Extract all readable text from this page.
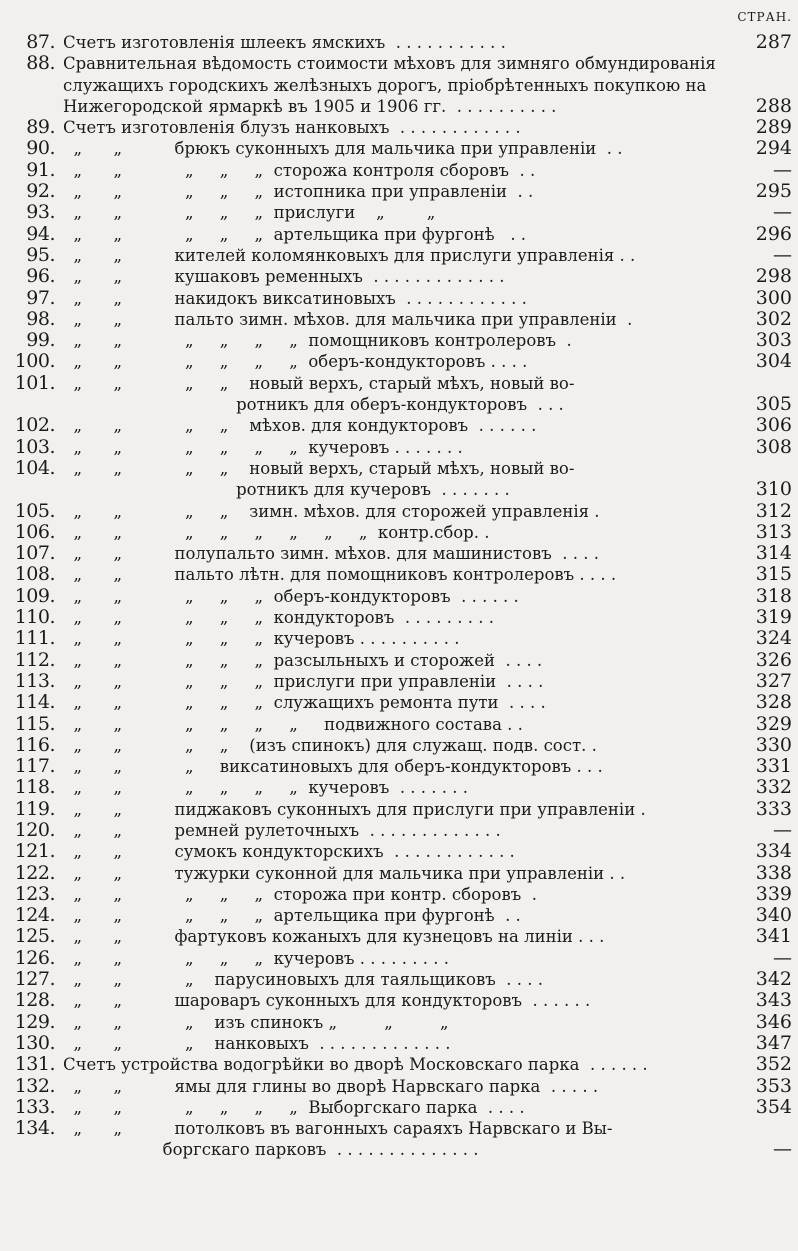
СТРАН.
87. Счетъ изготовленія шлеекъ ямскихъ  . . . . . . . . . . .	287
88. Сравнительная вѣдомость стоимости мѣховъ для зимняго обмундированія
служащихъ городскихъ желѣзныхъ дорогъ, пріобрѣтенныхъ покупкою на
Нижегородской ярмаркѣ въ 1905 и 1906 гг.  . . . . . . . . . .	288
89. Счетъ изготовленія блузъ нанковыхъ  . . . . . . . . . . . .	289
90. „      „          брюкъ суконныхъ для мальчика при управленіи  . .	294
91. „      „            „     „     „  сторожа контроля сборовъ  . .	—
92. „      „            „     „     „  истопника при управленіи  . .	295
93. „      „            „     „     „  прислуги    „        „	—
94. „      „            „     „     „  артельщика при фургонѣ   . .	296
95. „      „          кителей коломянковыхъ для прислуги управленія . .	—
96. „      „          кушаковъ ременныхъ  . . . . . . . . . . . . .	298
97. „      „          накидокъ виксатиновыхъ  . . . . . . . . . . . .	300
98. „      „          пальто зимн. мѣхов. для мальчика при управленіи  .	302
99. „      „            „     „     „     „  помощниковъ контролеровъ  .	303
100. „      „            „     „     „     „  оберъ-кондукторовъ . . . .	304
101. „      „            „     „    новый верхъ, старый мѣхъ, новый во-
ротникъ для оберъ-кондукторовъ  . . .	305
102. „      „            „     „    мѣхов. для кондукторовъ  . . . . . .	306
103. „      „            „     „     „     „  кучеровъ . . . . . . .	308
104. „      „            „     „    новый верхъ, старый мѣхъ, новый во-
ротникъ для кучеровъ  . . . . . . .	310
105. „      „            „     „    зимн. мѣхов. для сторожей управленія .	312
106. „      „            „     „     „     „     „     „  контр.сбор. .	313
107. „      „          полупальто зимн. мѣхов. для машинистовъ  . . . .	314
108. „      „          пальто лѣтн. для помощниковъ контролеровъ . . . .	315
109. „      „            „     „     „  оберъ-кондукторовъ  . . . . . .	318
110. „      „            „     „     „  кондукторовъ  . . . . . . . . .	319
111. „      „            „     „     „  кучеровъ . . . . . . . . . .	324
112. „      „            „     „     „  разсыльныхъ и сторожей  . . . .	326
113. „      „            „     „     „  прислуги при управленіи  . . . .	327
114. „      „            „     „     „  служащихъ ремонта пути  . . . .	328
115. „      „            „     „     „     „     подвижного состава . .	329
116. „      „            „     „    (изъ спинокъ) для служащ. подв. сост. .	330
117. „      „            „     виксатиновыхъ для оберъ-кондукторовъ . . .	331
118. „      „            „     „     „     „  кучеровъ  . . . . . . .	332
119. „      „          пиджаковъ суконныхъ для прислуги при управленіи .	333
120. „      „          ремней рулеточныхъ  . . . . . . . . . . . . .	—
121. „      „          сумокъ кондукторскихъ  . . . . . . . . . . . .	334
122. „      „          тужурки суконной для мальчика при управленіи . .	338
123. „      „            „     „     „  сторожа при контр. сборовъ  .	339
124. „      „            „     „     „  артельщика при фургонѣ  . .	340
125. „      „          фартуковъ кожаныхъ для кузнецовъ на линіи . . .	341
126. „      „            „     „     „  кучеровъ . . . . . . . . .	—
127. „      „            „    парусиновыхъ для таяльщиковъ  . . . .	342
128. „      „          шароваръ суконныхъ для кондукторовъ  . . . . . .	343
129. „      „            „    изъ спинокъ „         „         „	346
130. „      „            „    нанковыхъ  . . . . . . . . . . . . .	347
131. Счетъ устройства водогрѣйки во дворѣ Московскаго парка  . . . . . .	352
132. „      „          ямы для глины во дворѣ Нарвскаго парка  . . . . .	353
133. „      „            „     „     „     „  Выборгскаго парка  . . . .	354
134. „      „          потолковъ въ вагонныхъ сараяхъ Нарвскаго и Вы-
боргскаго парковъ  . . . . . . . . . . . . . .	—
